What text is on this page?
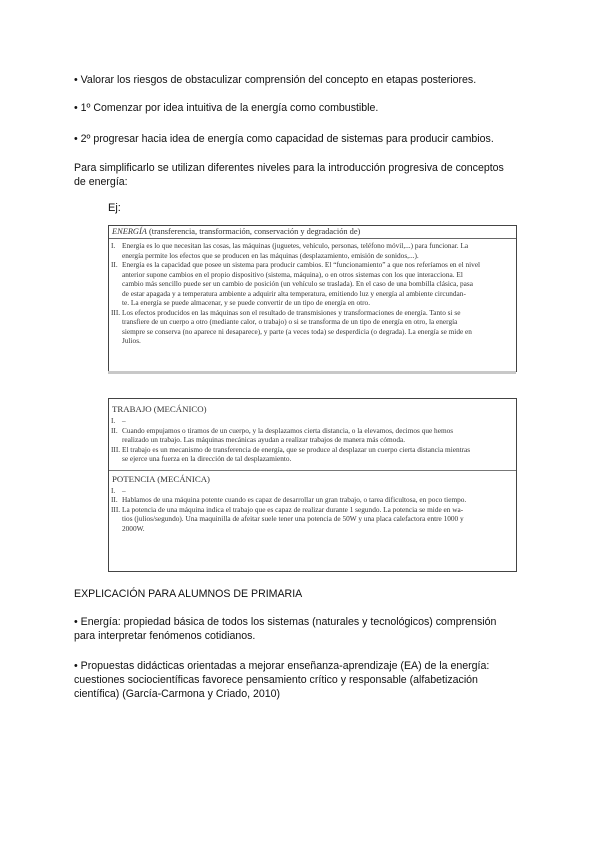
• Valorar los riesgos de obstaculizar comprensión del concepto en etapas posteriores.

• 1º Comenzar por idea intuitiva de la energía como combustible.

• 2º progresar hacia idea de energía como capacidad de sistemas para producir cambios.

Para simplificarlo se utilizan diferentes niveles para la introducción progresiva de conceptos
de energía:

Ej:

ENERGÍA (transferencia, transformación, conservación y degradación de)
I. Energía es lo que necesitan las cosas, las máquinas (juguetes, vehículo, personas, teléfono móvil,...) para funcionar. La
energía permite los efectos que se producen en las máquinas (desplazamiento, emisión de sonidos,...).
II. Energía es la capacidad que posee un sistema para producir cambios. El “funcionamiento” a que nos referíamos en el nivel
anterior supone cambios en el propio dispositivo (sistema, máquina), o en otros sistemas con los que interacciona. El
cambio más sencillo puede ser un cambio de posición (un vehículo se traslada). En el caso de una bombilla clásica, pasa
de estar apagada y a temperatura ambiente a adquirir alta temperatura, emitiendo luz y energía al ambiente circundan-
te. La energía se puede almacenar, y se puede convertir de un tipo de energía en otro.
III. Los efectos producidos en las máquinas son el resultado de transmisiones y transformaciones de energía. Tanto si se
transfiere de un cuerpo a otro (mediante calor, o trabajo) o si se transforma de un tipo de energía en otro, la energía
siempre se conserva (no aparece ni desaparece), y parte (a veces toda) se desperdicia (o degrada). La energía se mide en
Julios.
TRABAJO (MECÁNICO)
I. –
II. Cuando empujamos o tiramos de un cuerpo, y la desplazamos cierta distancia, o la elevamos, decimos que hemos
realizado un trabajo. Las máquinas mecánicas ayudan a realizar trabajos de manera más cómoda.
III. El trabajo es un mecanismo de transferencia de energía, que se produce al desplazar un cuerpo cierta distancia mientras
se ejerce una fuerza en la dirección de tal desplazamiento.
POTENCIA (MECÁNICA)
I. –
II. Hablamos de una máquina potente cuando es capaz de desarrollar un gran trabajo, o tarea dificultosa, en poco tiempo.
III. La potencia de una máquina indica el trabajo que es capaz de realizar durante 1 segundo. La potencia se mide en wa-
tios (julios/segundo). Una maquinilla de afeitar suele tener una potencia de 50W y una placa calefactora entre 1000 y
2000W.

EXPLICACIÓN PARA ALUMNOS DE PRIMARIA

• Energía: propiedad básica de todos los sistemas (naturales y tecnológicos) comprensión
para interpretar fenómenos cotidianos.
• Propuestas didácticas orientadas a mejorar enseñanza-aprendizaje (EA) de la energía:
cuestiones sociocientíficas favorece pensamiento crítico y responsable (alfabetización
científica) (García-Carmona y Criado, 2010)
